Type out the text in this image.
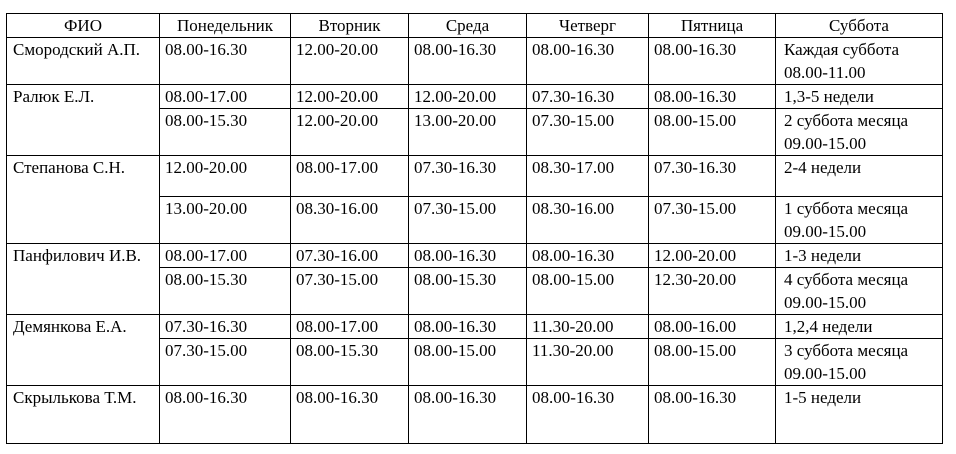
ФИО	Понедельник	Вторник	Среда	Четверг	Пятница	Суббота
Смородский А.П.	08.00-16.30	12.00-20.00	08.00-16.30	08.00-16.30	08.00-16.30	Каждая суббота 08.00-11.00
Ралюк Е.Л.	08.00-17.00	12.00-20.00	12.00-20.00	07.30-16.30	08.00-16.30	1,3-5 недели
	08.00-15.30	12.00-20.00	13.00-20.00	07.30-15.00	08.00-15.00	2 суббота месяца 09.00-15.00
Степанова С.Н.	12.00-20.00	08.00-17.00	07.30-16.30	08.30-17.00	07.30-16.30	2-4 недели
	13.00-20.00	08.30-16.00	07.30-15.00	08.30-16.00	07.30-15.00	1 суббота месяца 09.00-15.00
Панфилович И.В.	08.00-17.00	07.30-16.00	08.00-16.30	08.00-16.30	12.00-20.00	1-3 недели
	08.00-15.30	07.30-15.00	08.00-15.30	08.00-15.00	12.30-20.00	4 суббота месяца 09.00-15.00
Демянкова Е.А.	07.30-16.30	08.00-17.00	08.00-16.30	11.30-20.00	08.00-16.00	1,2,4 недели
	07.30-15.00	08.00-15.30	08.00-15.00	11.30-20.00	08.00-15.00	3 суббота месяца 09.00-15.00
Скрылькова Т.М.	08.00-16.30	08.00-16.30	08.00-16.30	08.00-16.30	08.00-16.30	1-5 недели
